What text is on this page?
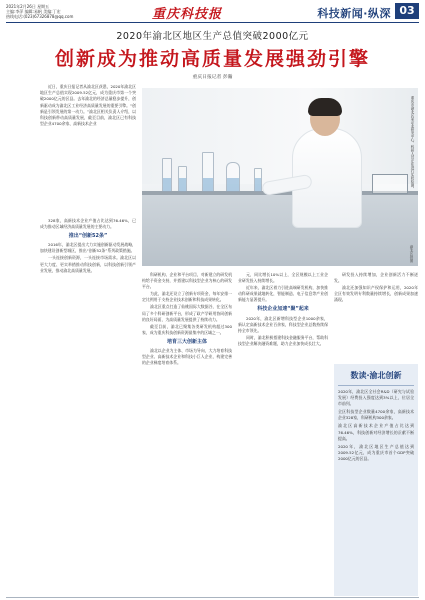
2021年2月26日 星期五
主编:李萍 编辑:易帆 美编:丁宏
热线电话:(023)67326878@qq.com	重庆科技报	科技新闻·纵深 03
2020年渝北区地区生产总值突破2000亿元
创新成为推动高质量发展强劲引擎
重庆日报记者 彭瀚

近日，重庆日报记者从渝北区获悉，2020年渝北区地区生产总值实现2009.52亿元，成为重庆市第一个突破2000亿元的区县。去年渝北的经济总量稳步提升，创新驱动成为渝北区工业经济高质量发展的重要引擎。“创新是引领发展的第一动力。”渝北区相关负责人介绍，以科技创新带动高质量发展，截至目前，渝北区已有科技型企业4700余家、高新技术企业	重庆市渝北区某企业研发中心，科研人员正在进行实验检测。
渝北区供图

328家，高新技术企业产值占比达到76.46%，已成为推动区域经济高质量发展的主要动力。

推出“创新52条”

2016年，渝北区提出大力实施创新驱动发展战略，加快建设创新型城区，推出“创新52条”系列政策措施。

一头连接创新资源，一头连接市场需求。渝北区以更大力度、更实举措推动科技创新，以科技创新引领产业发展，推动渝北高质量发展。

科研机构、企业和平台项目，对新建立的研发机构给予资金支持，并搭建以科技型企业为核心的研发平台。

为此，渝北还设立了创新专项资金，每年安排一定比例用于支持企业技术创新和科技成果转化。

渝北区重点打造了仙桃国际大数据谷，在全区布局了多个科研创新平台，形成了政产学研用协同创新的良好局面，为高质量发展提供了持续动力。

截至目前，渝北已聚集各类研发机构超过300家，成为重庆科技创新资源最集中的区域之一。

培育三大创新主体

渝北以企业为主体、市场为导向，大力培育科技型企业、高新技术企业和科技小巨人企业，构建完善的企业梯度培育体系。

元，同比增长10%以上，全区规模以上工业企业研发投入持续增长。

近年来，渝北区着力引进高端研发机构，加快推动科研成果就地转化，智能制造、电子信息等产业创新能力显著提升。

科技企业加速“聚”起来

2020年，渝北区新增科技型企业1000余家，新认定高新技术企业百余家，科技型企业总数持续保持全市领先。

同时，渝北积极搭建科技金融服务平台，帮助科技型企业解决融资难题，助力企业加快成长壮大。

研发投入持续增加，企业创新活力不断迸发。

渝北还加强知识产权保护和运用，2020年全区有效发明专利数量持续增长，创新成果加速涌现。

数读·渝北创新

2020年，渝北区全社会R&D（研究与试验发展）经费投入强度达到3%以上，位居全市前列。

全区科技型企业数量4700余家，高新技术企业328家，科研机构300余家。

渝北区高新技术企业产值占比达到76.46%，科技创新对经济增长的贡献不断提高。

2020年，渝北区地区生产总值达到2009.52亿元，成为重庆市首个GDP突破2000亿元的区县。
